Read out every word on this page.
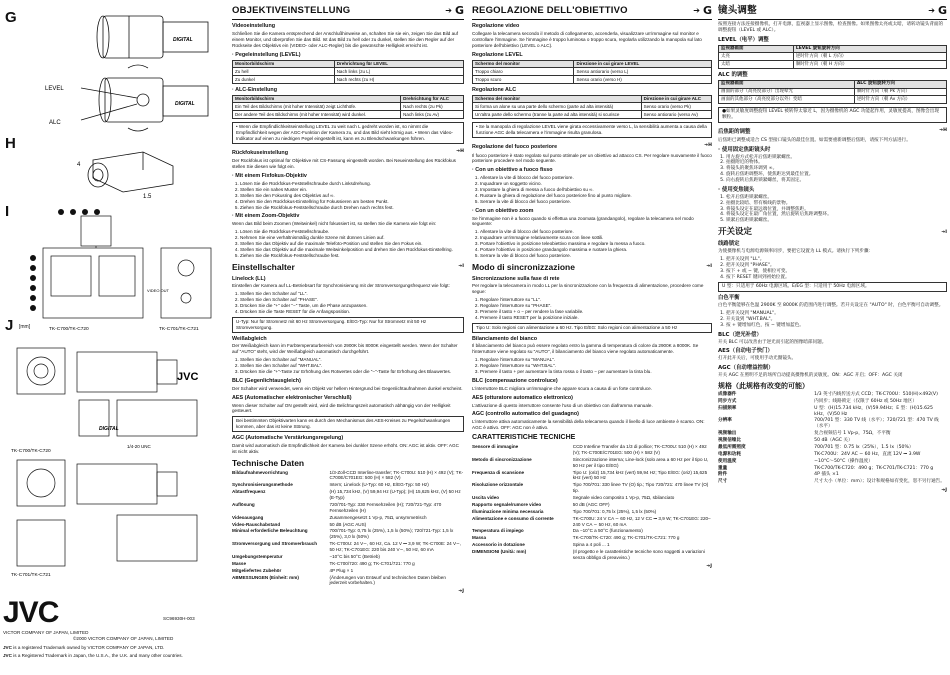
G
H
I
J [mm]
DIGITAL
DIGITAL
LEVEL
ALC
4
1.5
VIDEO OUT
TK-C700/TK-C720	TK-C701/TK-C721
DIGITAL
JVC
1/4-20 UNC
TK-C700/TK-C720
TK-C701/TK-C721
JVC
VICTOR COMPANY OF JAPAN, LIMITED
SC96930H-003
©2000 VICTOR COMPANY OF JAPAN, LIMITED
JVC is a registered Trademark owned by VICTOR COMPANY OF JAPAN, LTD.
JVC is a Registered Trademark in Japan, the U.S.A., the U.K. and many other countries.
OBJEKTIVEINSTELLUNG	➔ G
Videoeinstellung

Schließen Sie die Kamera entsprechend der Anschlußhinweise an, schalten Sie sie ein, zeigen Sie das Bild auf einem Monitor, und überprüfen Sie das Bild. Ist das Bild zu hell oder zu dunkel, stellen Sie den Regler auf der Rückseite des Objektivs ein (VIDEO- oder ALC-Regler) bis die gewünschte Helligkeit erreicht ist.

· Pegeleinstellung (LEVEL)
Monitorbildschirm	Drehrichtung für LEVEL
Zu hell	Nach links (zu L)
Zu dunkel	Nach rechts (zu H)
· ALC-Einstellung
Monitorbildschirm	Drehrichtung für ALC
Ein Teil des Bildschirms (mit hoher Intensität) zeigt Lichthöfe.	Nach rechts (zu Pk)
Der andere Teil des Bildschirms (mit hoher Intensität) wird dunkel.	Nach links (zu Av)
• Wenn die Empfindlichkeitseinstellung LEVEL zu weit nach L gedreht worden ist, so nimmt die Empfindlichkeit wegen der AGC-Funktion der Kamera zu, und das Bild sieht körnig aus. • Wenn das Video-Indikator auf einen zu niedrigen Pegel eingestellt ist, kann es zu Blendschwankungen führen.
Rückfokuseinstellung	➔H

Der Rückfokus ist optimal für Objektive mit CS-Fassung eingestellt worden. Bei Neueinstellung des Rückfokus stellen Sie diesen wie folgt ein.

· Mit einem Fixfokus-Objektiv
1. Lösen Sie die Rückfokus-Feststellschraube durch Linksdrehung.
2. Stellen Sie ein nahes Muster ein.
3. Stellen Sie den Fokusring des Objektivs auf ∞.
4. Drehen Sie den Rückfokus-Einstellring für Fokussieren am besten Punkt.
5. Ziehen Sie die Rückfokus-Feststellschraube durch Drehen nach rechts fest.
· Mit einem Zoom-Objektiv

Wenn das Bild beim Zoomen (Weitwinkel) nicht fokussiert ist, so stellen Sie die Kamera wie folgt ein:

1. Lösen Sie die Rückfokus-Feststellschraube.
2. Nehmen Sie eine verhältnismäßig dunkle Szene mit dünnen Linien auf.
3. Stellen Sie das Objektiv auf die maximale Telefoto-Position und stellen Sie den Fokus ein.
4. Stellen Sie das Objektiv auf die maximale Weitwinkelposition und drehen Sie den Rückfokus-Einstellring.
5. Ziehen Sie die Rückfokus-Feststellschraube fest.
Einstellschalter	➔I
Linelock (LL)

Einstellen der Kamera auf LL-Betriebsart für Synchronisierung mit der Stromversorgungsfrequenz wie folgt:

1. Stellen Sie den Schalter auf "LL".
2. Stellen Sie den Schalter auf "PHASE".
3. Drücken Sie die "+" oder "−" Taste, um die Phase anzupassen.
4. Drücken Sie die Taste RESET für die Anfangsposition.
U-Typ: Nur für Stromnetz mit 60 Hz Stromversorgung. E/EG-Typ: Nur für Stromnetz mit 50 Hz Stromversorgung.
Weißabgleich

Der Weißabgleich kann im Farbtemperaturbereich von 2900K bis 8000K eingestellt werden. Wenn der Schalter auf "AUTO" steht, wird der Weißabgleich automatisch durchgeführt.

1. Stellen Sie den Schalter auf "MANUAL".
2. Stellen Sie den Schalter auf "WHT.BAL".
3. Drücken Sie die "+"-Taste zur Erhöhung des Rotwertes oder die "−"-Taste für Erhöhung des Blauwertes.
BLC (Gegenlichtausgleich)

Der Schalter wird verwendet, wenn ein Objekt vor hellem Hintergrund bei Gegenlichtaufnahmen dunkel erscheint.

AES (Automatischer elektronischer Verschluß)

Wenn dieser Schalter auf ON gestellt wird, wird die Belichtungszeit automatisch abhängig von der Helligkeit gesteuert.

Bei bestimmten Objektivarten kann es durch den Mechanismus des AES-Kreises zu Pegelschwankungen kommen, aber das ist keine Störung.
AGC (Automatische Verstärkungsregelung)

Damit wird automatisch die Empfindlichkeit der Kamera bei dunkler Szene erhöht. ON: AGC ist aktiv. OFF: AGC ist nicht aktiv.

Technische Daten
Bildaufnahmevorrichtung	1/3-Zoll-CCD Interline-transfer; TK-C700U: 510 (H) × 492 (V); TK-C700E/C701EG: 500 (H) × 582 (V)
Synchronisierungsmethode	Intern; Linelock (U-Typ: 60 Hz, E/EG-Typ: 50 Hz)
Abtastfrequenz	(H) 15,734 kHz, (V) 59,94 Hz (U-Typ); (H) 15,625 kHz, (V) 50 Hz (E-Typ)
Auflösung	720/701-Typ: 330 Fernsehzeilen (H); 720/721-Typ: 470 Fernsehzeilen (H)
Videoausgang	Zusammengesetzt 1 Vp-p, 75Ω, unsymmetrisch
Video-Rauschabstand	50 dB (AGC AUS)
Minimal erforderliche Beleuchtung	700/701-Typ: 0,75 lx (25%), 1,5 lx (50%); 720/721-Typ: 1,5 lx (25%), 3,0 lx (50%)
Stromversorgung und Stromverbrauch	TK-C700U: 24 V∼, 60 Hz, Ca. 12 V ⎓ 3,9 W; TK-C700E: 24 V∼, 50 Hz; TK-C701EG: 220 bis 240 V∼, 50 Hz, 60 mA
Umgebungstemperatur	−10°C bis 50°C (Betrieb)
Masse	TK-C700/720: 490 g; TK-C701/721: 770 g
Mitgeliefertes Zubehör	4P Plug × 1
ABMESSUNGEN (Einheit: mm)	(Änderungen von Entwurf und technischen Daten bleiben jederzeit vorbehalten.)
➔J
REGOLAZIONE DELL'OBIETTIVO	➔ G
Regolazione video

Collegare la telecamera secondo il metodo di collegamento, accenderla, visualizzare un'immagine sul monitor e controllare l'immagine. Se l'immagine è troppo luminosa o troppo scura, regolarla utilizzando la manopola sul lato posteriore dell'obiettivo (LEVEL o ALC).

Regolazione LEVEL
Schermo del monitor	Direzione in cui girare LEVEL
Troppo chiaro	Senso antiorario (verso L)
Troppo scuro	Senso orario (verso H)
Regolazione ALC
Schermo del monitor	Direzione in cui girare ALC
Si forma un alone su una parte dello schermo (parte ad alta intensità)	Senso orario (verso Pk)
Un'altra parte dello schermo (tranne la parte ad alta intensità) si scurisce	Senso antiorario (verso Av)
• Se la manopola di regolazione LEVEL viene girata eccessivamente verso L, la sensibilità aumenta a causa della funzione AGC della telecamera e l'immagine risulta granulosa.
Regolazione del fuoco posteriore	➔H

Il fuoco posteriore è stato regolato sul punto ottimale per un obiettivo ad attacco CS. Per regolare nuovamente il fuoco posteriore procedere nel modo seguente.

· Con un obiettivo a fuoco fisso
1. Allentare la vite di blocco del fuoco posteriore.
2. Inquadrare un soggetto vicino.
3. Impostare la ghiera di messa a fuoco dell'obiettivo su ∞.
4. Ruotare la ghiera di regolazione del fuoco posteriore fino al punto migliore.
5. Serrare la vite di blocco del fuoco posteriore.
· Con un obiettivo zoom

Se l'immagine non è a fuoco quando si effettua una zoomata (grandangolo), regolare la telecamera nel modo seguente:

1. Allentare la vite di blocco del fuoco posteriore.
2. Inquadrare un'immagine relativamente scura con linee sottili.
3. Portare l'obiettivo in posizione teleobiettivo massima e regolare la messa a fuoco.
4. Portare l'obiettivo in posizione grandangolo massima e ruotare la ghiera.
5. Serrare la vite di blocco del fuoco posteriore.
Modo di sincronizzazione	➔I
Sincronizzazione sulla fase di rete

Per regolare la telecamera in modo LL per la sincronizzazione con la frequenza di alimentazione, procedere come segue:

1. Regolare l'interruttore su "LL".
2. Regolare l'interruttore su "PHASE".
3. Premere il tasto + o − per rendere la fase variabile.
4. Premere il tasto RESET per la posizione iniziale.
Tipo U: Solo regioni con alimentazione a 60 Hz. Tipo E/EG: Solo regioni con alimentazione a 50 Hz
Bilanciamento del bianco

Il bilanciamento del bianco può essere regolato entro la gamma di temperatura di colore da 2900K a 8000K. Se l'interruttore viene regolato su "AUTO", il bilanciamento del bianco viene regolato automaticamente.

1. Regolare l'interruttore su "MANUAL".
2. Regolare l'interruttore su "WHT.BAL".
3. Premere il tasto + per aumentare la tinta rossa o il tasto − per aumentare la tinta blu.
BLC (compensazione controluce)

L'interruttore BLC migliora un'immagine che appare scura a causa di un forte controluce.

AES (otturatore automatico elettronico)

L'attivazione di questo interruttore consente l'uso di un obiettivo con diaframma manuale.

AGC (controllo automatico del guadagno)

L'interruttore attiva automaticamente la sensibilità della telecamera quando il livello di luce ambiente è scarso. ON: AGC è attivo. OFF: AGC non è attivo.

CARATTERISTICHE TECNICHE
Sensore di immagine	CCD Interline Transfer da 1/3 di pollice; TK-C700U: 510 (H) × 492 (V); TK-C700E/C701EG: 500 (H) × 582 (V)
Metodo di sincronizzazione	Sincronizzazione interna; Line-lock (solo area a 60 Hz per il tipo U, 50 Hz per il tipo E/EG)
Frequenza di scansione	Tipo U: (oriz) 15,734 kHz (vert) 59,94 Hz; Tipo E/EG: (oriz) 15,625 kHz (vert) 50 Hz
Risoluzione orizzontale	Tipo 700/701: 330 linee TV (O) tip.; Tipo 720/721: 470 linee TV (O) tip.
Uscita video	Segnale video composito 1 Vp-p, 75Ω, sbilanciato
Rapporto segnale/rumore video	50 dB (AGC OFF)
Illuminazione minima necessaria	Tipo 700/701: 0,75 lx (25%), 1,5 lx (50%)
Alimentazione e consumo di corrente	TK-C700U: 24 V CA ∼ 60 Hz, 12 V CC ⎓ 3,9 W; TK-C701EG: 220–240 V CA ∼ 50 Hz, 60 mA
Temperatura di impiego	Da −10°C a 50°C (funzionamento)
Massa	TK-C700/TK-C720: 490 g; TK-C701/TK-C721: 770 g
Accessorio in dotazione	Spina a 4 poli ... 1
DIMENSIONI (Unità: mm)	(Il progetto e le caratteristiche tecniche sono soggetti a variazioni senza obbligo di preavviso.)
➔J
镜头调整	➔ G

按照连接方法连接摄像机，打开电源，监视器上显示图像，检查图像。如果图像太亮或太暗，请转动镜头背面的调整旋钮（LEVEL 或 ALC）。

LEVEL（电平）调整
监视器画面	LEVEL 旋钮旋转方向
太亮	逆时针方向（朝 L 方向）
太暗	顺时针方向（朝 H 方向）
ALC 的调整
监视器画面	ALC 旋钮旋转方向
画面的部分（高亮度部分）出现晕光	顺时针方向（朝 Pk 方向）
画面的其他部分（高亮度部分以外）变暗	逆时针方向（朝 Av 方向）
●如果灵敏度调整旋钮 LEVEL 被转得太靠近 L，因为摄像机的 AGC 功能起作用，灵敏度提高，图像会出现颗粒。
后焦距的调整	➔H

后焦距已调整成适合 CS 型接口镜头的最佳位置。如需要重新调整后焦距，请按下列方法进行。

· 使用固定焦距镜头时
1. 用左旋方式松开后焦距锁紧螺丝。
2. 拍摄附近的物体。
3. 将镜头的聚焦环调到 ∞。
4. 旋转后焦距调整环，使焦距达到最佳位置。
5. 向右旋转后焦距锁紧螺丝，将其固定。
· 使用变焦镜头
1. 松开后焦距锁紧螺丝。
2. 拍摄比较暗、带有细线的景物。
3. 将镜头设定在最远端位置，并调整焦距。
4. 将镜头设定在最广角位置，然后旋转后焦距调整环。
5. 锁紧后焦距锁紧螺丝。
开关设定	➔I
线路锁定

为使摄像机与电源电源频率同步，要把它设置为 LL 模式。请执行下列步骤：

1. 把开关设到 "LL"。
2. 把开关设到 "PHASE"。
3. 按下 + 或 − 键，使相位可变。
4. 按下 RESET 键回到初始位置。
U 型：只适用于 60Hz 电源区域。E/EG 型：只适用于 50Hz 电源区域。
白色平衡

白色平衡能够在色温 2900K 至 8000K 的范围内进行调整。若开关设定在 "AUTO" 时，白色平衡可自动调整。

1. 把开关设到 "MANUAL"。
2. 开关设到 "WHT.BAL"。
3. 按 + 键增加红色，按 − 键增加蓝色。
BLC（逆光补偿）

开关 BLC 可以改善由于逆光而引起的图像暗部问题。

AES（自动电子快门）

打开此开关后，可使用手动光圈镜头。

AGC（自动增益控制）

开关 AGC 在照明不足的场所自动提高摄像机的灵敏度。ON：AGC 开启；OFF：AGC 关闭

规格（此规格有改变的可能）
成像器件	1/3 英寸内线传送方式 CCD；TK-C700U：510(H)×492(V)
同步方式	内同步；线路锁定（仅限于 60Hz 或 50Hz 地区）
扫描频率	U 型：(H)15.734 kHz，(V)59.94Hz；E 型：(H)15.625 kHz，(V)50 Hz
分辨率	700/701 型：330 TV 线（水平）；720/721 型：470 TV 线（水平）
视频输出	复合视频信号 1 Vp-p，75Ω，不平衡
视频信噪比	50 dB（AGC 关）
最低所需照度	700/701 型：0.75 lx（25%），1.5 lx（50%）
电源和功耗	TK-C700U：24V AC ∼ 60 Hz，直流 12V ⎓ 3.9W
使用温度	−10°C～50°C（操作温度）
重量	TK-C700/TK-C720：490 g；TK-C701/TK-C721：770 g
附件	4P 插头 ×1
尺寸	尺寸大小（单位：mm）；设计和规格如有变化，恕不另行通告。
➔J
